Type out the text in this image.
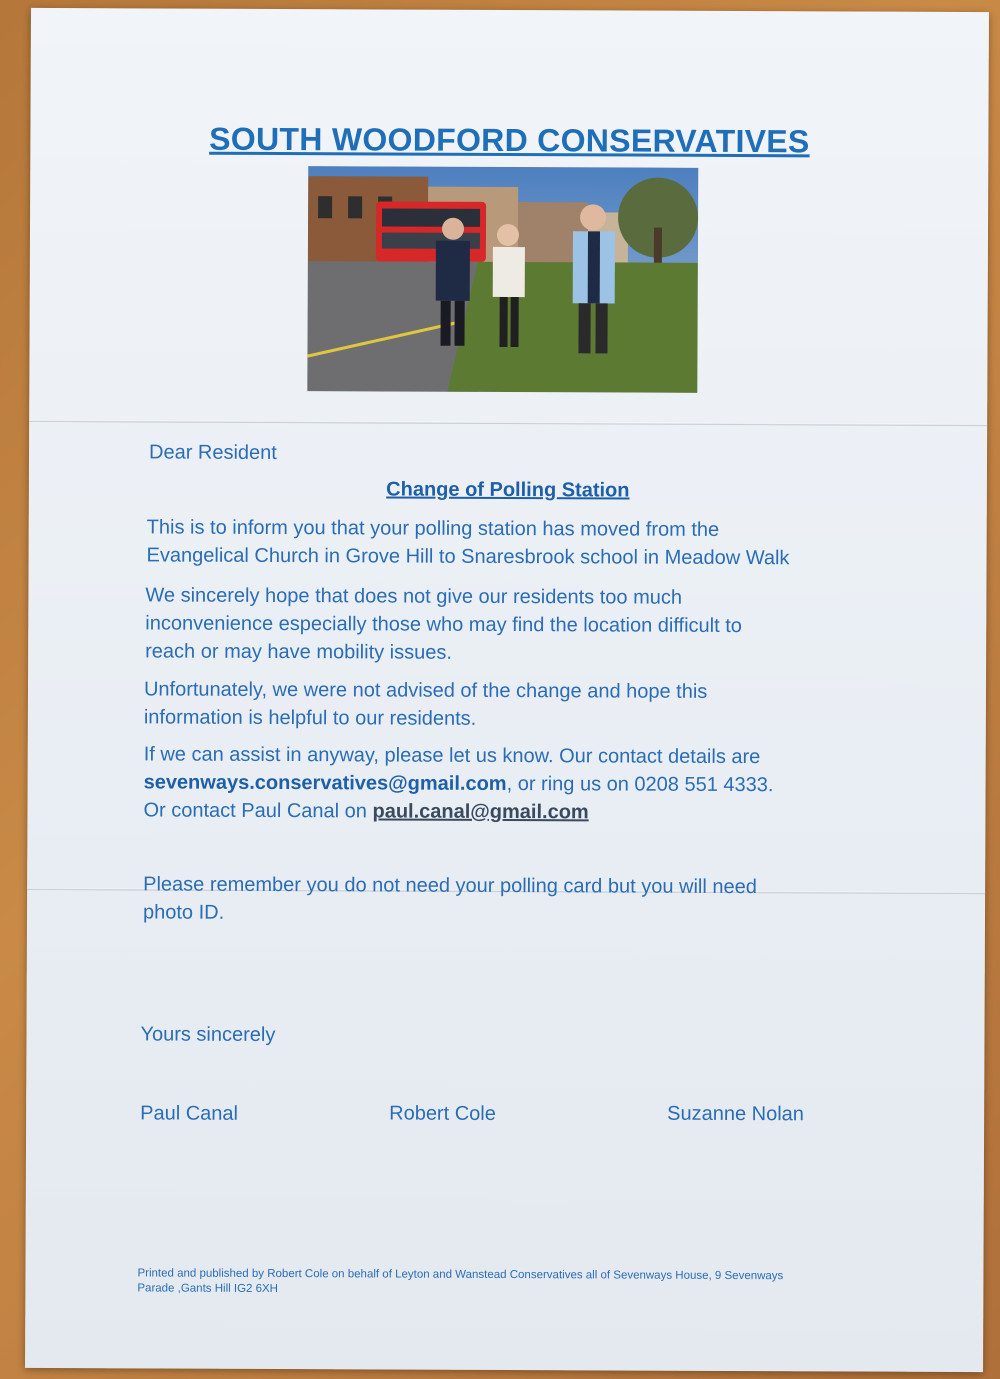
SOUTH WOODFORD CONSERVATIVES
Dear Resident
Change of Polling Station
This is to inform you that your polling station has moved from the
Evangelical Church in Grove Hill to Snaresbrook school in Meadow Walk
We sincerely hope that does not give our residents too much
inconvenience especially those who may find the location difficult to
reach or may have mobility issues.
Unfortunately, we were not advised of the change and hope this
information is helpful to our residents.
If we can assist in anyway, please let us know. Our contact details are
sevenways.conservatives@gmail.com, or ring us on 0208 551 4333.
Or contact Paul Canal on paul.canal@gmail.com
Please remember you do not need your polling card but you will need
photo ID.
Yours sincerely
Paul Canal	Robert Cole	Suzanne Nolan
Printed and published by Robert Cole on behalf of Leyton and Wanstead Conservatives all of Sevenways House, 9 Sevenways
Parade ,Gants Hill IG2 6XH
